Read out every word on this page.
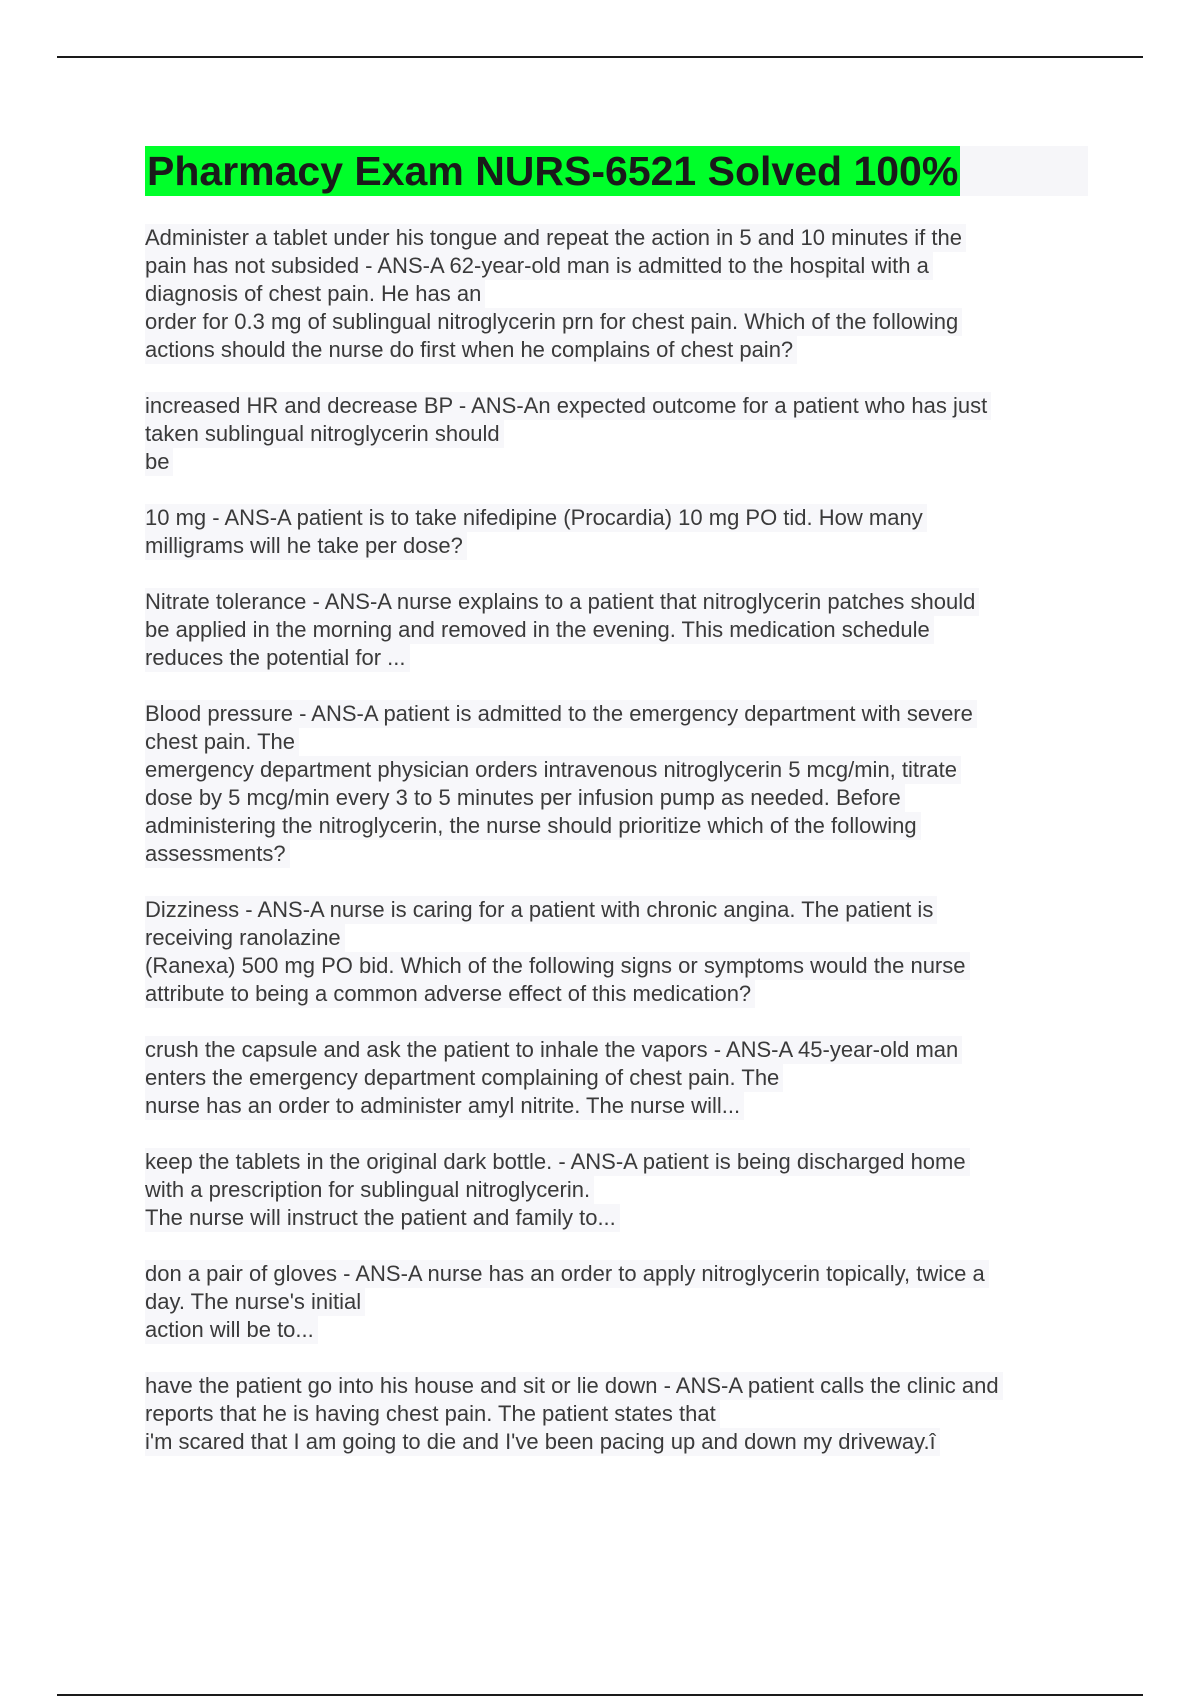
Pharmacy Exam NURS-6521 Solved 100%
Administer a tablet under his tongue and repeat the action in 5 and 10 minutes if the
pain has not subsided - ANS-A 62-year-old man is admitted to the hospital with a
diagnosis of chest pain. He has an
order for 0.3 mg of sublingual nitroglycerin prn for chest pain. Which of the following
actions should the nurse do first when he complains of chest pain?
increased HR and decrease BP - ANS-An expected outcome for a patient who has just
taken sublingual nitroglycerin should
be
10 mg - ANS-A patient is to take nifedipine (Procardia) 10 mg PO tid. How many
milligrams will he take per dose?
Nitrate tolerance - ANS-A nurse explains to a patient that nitroglycerin patches should
be applied in the morning and removed in the evening. This medication schedule
reduces the potential for ...
Blood pressure - ANS-A patient is admitted to the emergency department with severe
chest pain. The
emergency department physician orders intravenous nitroglycerin 5 mcg/min, titrate
dose by 5 mcg/min every 3 to 5 minutes per infusion pump as needed. Before
administering the nitroglycerin, the nurse should prioritize which of the following
assessments?
Dizziness - ANS-A nurse is caring for a patient with chronic angina. The patient is
receiving ranolazine
(Ranexa) 500 mg PO bid. Which of the following signs or symptoms would the nurse
attribute to being a common adverse effect of this medication?
crush the capsule and ask the patient to inhale the vapors - ANS-A 45-year-old man
enters the emergency department complaining of chest pain. The
nurse has an order to administer amyl nitrite. The nurse will...
keep the tablets in the original dark bottle. - ANS-A patient is being discharged home
with a prescription for sublingual nitroglycerin.
The nurse will instruct the patient and family to...
don a pair of gloves - ANS-A nurse has an order to apply nitroglycerin topically, twice a
day. The nurse's initial
action will be to...
have the patient go into his house and sit or lie down - ANS-A patient calls the clinic and
reports that he is having chest pain. The patient states that
i'm scared that I am going to die and I've been pacing up and down my driveway.î
